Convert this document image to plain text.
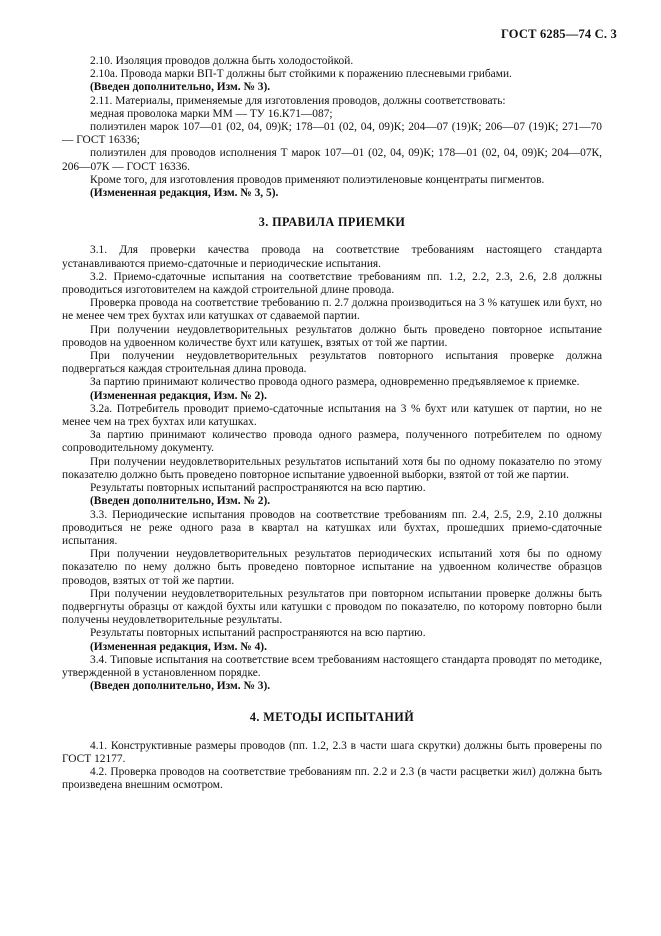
ГОСТ 6285—74 С. 3

2.10. Изоляция проводов должна быть холодостойкой.

2.10а. Провода марки ВП-Т должны быт стойкими к поражению плесневыми грибами.

(Введен дополнительно, Изм. № 3).

2.11. Материалы, применяемые для изготовления проводов, должны соответствовать:

медная проволока марки ММ — ТУ 16.К71—087;

полиэтилен марок 107—01 (02, 04, 09)К; 178—01 (02, 04, 09)К; 204—07 (19)К; 206—07 (19)К; 271—70 — ГОСТ 16336;

полиэтилен для проводов исполнения Т марок 107—01 (02, 04, 09)К; 178—01 (02, 04, 09)К; 204—07К, 206—07К — ГОСТ 16336.

Кроме того, для изготовления проводов применяют полиэтиленовые концентраты пигментов.

(Измененная редакция, Изм. № 3, 5).

3. ПРАВИЛА ПРИЕМКИ

3.1. Для проверки качества провода на соответствие требованиям настоящего стандарта устанавливаются приемо-сдаточные и периодические испытания.

3.2. Приемо-сдаточные испытания на соответствие требованиям пп. 1.2, 2.2, 2.3, 2.6, 2.8 должны проводиться изготовителем на каждой строительной длине провода.

Проверка провода на соответствие требованию п. 2.7 должна производиться на 3 % катушек или бухт, но не менее чем трех бухтах или катушках от сдаваемой партии.

При получении неудовлетворительных результатов должно быть проведено повторное испытание проводов на удвоенном количестве бухт или катушек, взятых от той же партии.

При получении неудовлетворительных результатов повторного испытания проверке должна подвергаться каждая строительная длина провода.

За партию принимают количество провода одного размера, одновременно предъявляемое к приемке.

(Измененная редакция, Изм. № 2).

3.2а. Потребитель проводит приемо-сдаточные испытания на 3 % бухт или катушек от партии, но не менее чем на трех бухтах или катушках.

За партию принимают количество провода одного размера, полученного потребителем по одному сопроводительному документу.

При получении неудовлетворительных результатов испытаний хотя бы по одному показателю по этому показателю должно быть проведено повторное испытание удвоенной выборки, взятой от той же партии.

Результаты повторных испытаний распространяются на всю партию.

(Введен дополнительно, Изм. № 2).

3.3. Периодические испытания проводов на соответствие требованиям пп. 2.4, 2.5, 2.9, 2.10 должны проводиться не реже одного раза в квартал на катушках или бухтах, прошедших приемо-сдаточные испытания.

При получении неудовлетворительных результатов периодических испытаний хотя бы по одному показателю по нему должно быть проведено повторное испытание на удвоенном количестве образцов проводов, взятых от той же партии.

При получении неудовлетворительных результатов при повторном испытании проверке должны быть подвергнуты образцы от каждой бухты или катушки с проводом по показателю, по которому повторно были получены неудовлетворительные результаты.

Результаты повторных испытаний распространяются на всю партию.

(Измененная редакция, Изм. № 4).

3.4. Типовые испытания на соответствие всем требованиям настоящего стандарта проводят по методике, утвержденной в установленном порядке.

(Введен дополнительно, Изм. № 3).

4. МЕТОДЫ ИСПЫТАНИЙ

4.1. Конструктивные размеры проводов (пп. 1.2, 2.3 в части шага скрутки) должны быть проверены по ГОСТ 12177.

4.2. Проверка проводов на соответствие требованиям пп. 2.2 и 2.3 (в части расцветки жил) должна быть произведена внешним осмотром.
